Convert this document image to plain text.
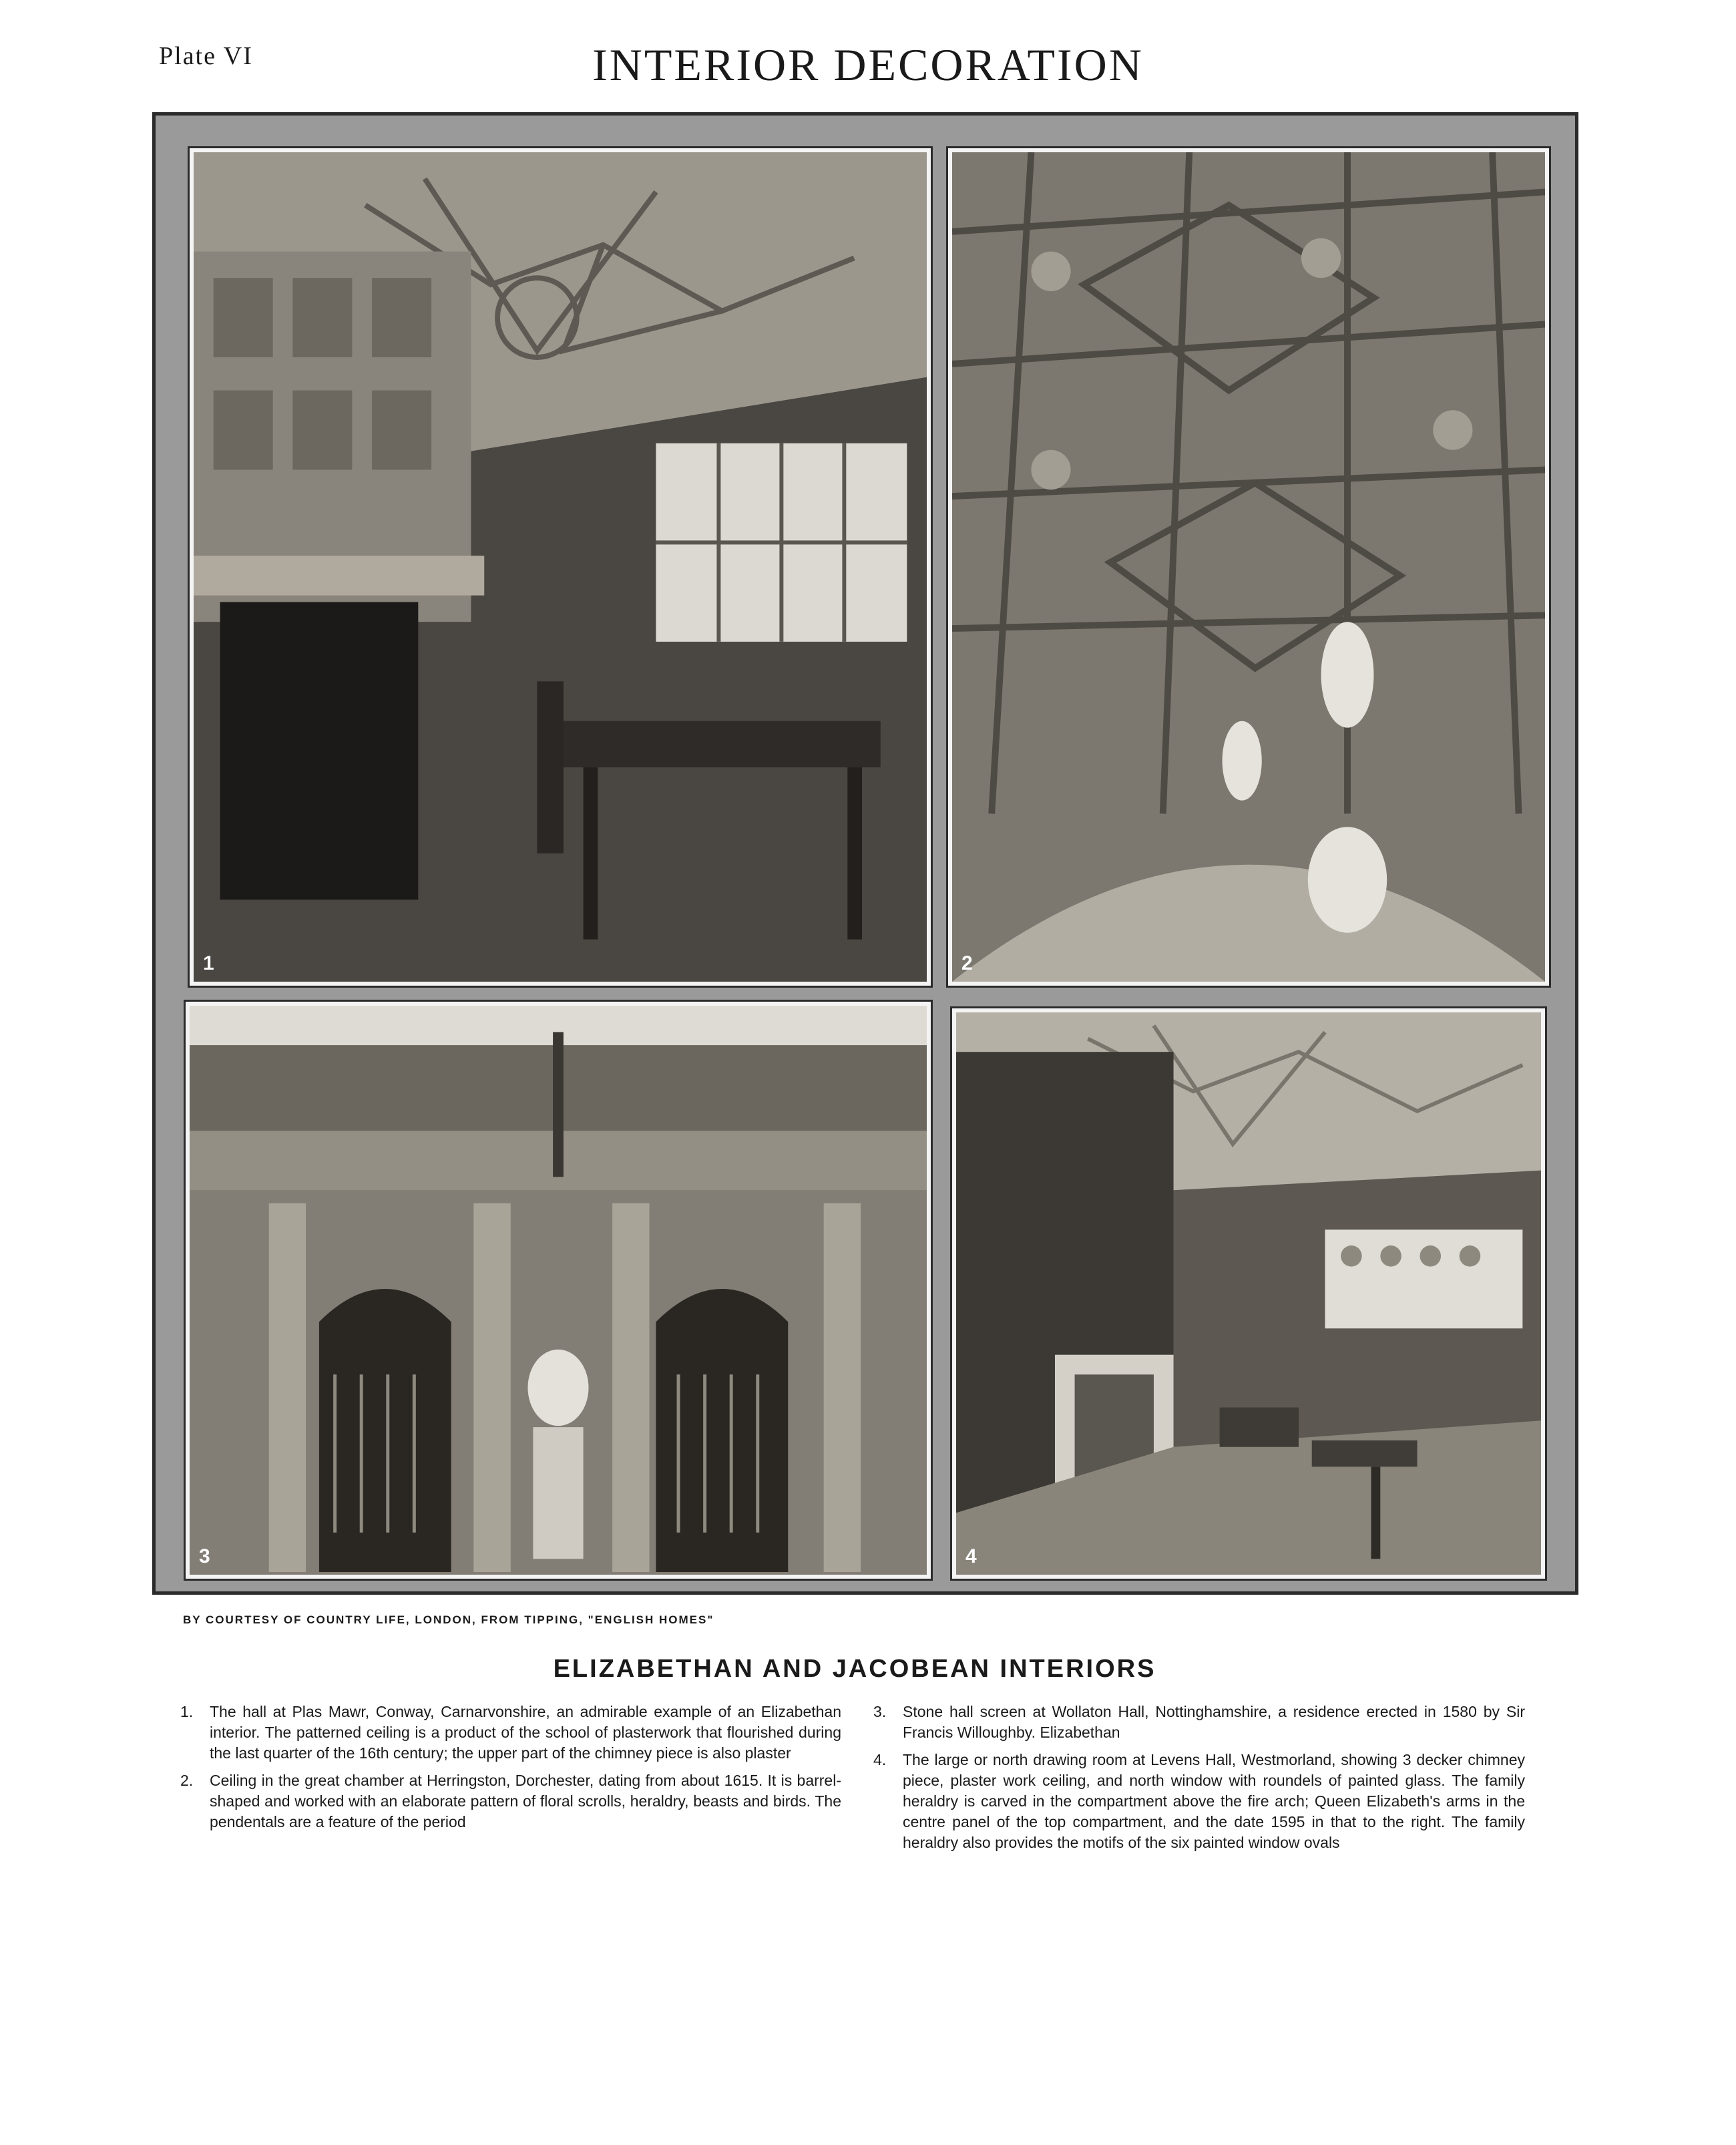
Plate VI	INTERIOR DECORATION
1	2
3	4
BY COURTESY OF COUNTRY LIFE, LONDON, FROM TIPPING, "ENGLISH HOMES"
ELIZABETHAN AND JACOBEAN INTERIORS
1. The hall at Plas Mawr, Conway, Carnarvonshire, an admirable example of an Elizabethan interior. The patterned ceiling is a product of the school of plasterwork that flourished during the last quarter of the 16th century; the upper part of the chimney piece is also plaster
2. Ceiling in the great chamber at Herringston, Dorchester, dating from about 1615. It is barrel-shaped and worked with an elaborate pattern of floral scrolls, heraldry, beasts and birds. The pendentals are a feature of the period
3. Stone hall screen at Wollaton Hall, Nottinghamshire, a residence erected in 1580 by Sir Francis Willoughby. Elizabethan
4. The large or north drawing room at Levens Hall, Westmorland, showing 3 decker chimney piece, plaster work ceiling, and north window with roundels of painted glass. The family heraldry is carved in the compartment above the fire arch; Queen Elizabeth's arms in the centre panel of the top compartment, and the date 1595 in that to the right. The family heraldry also provides the motifs of the six painted window ovals
